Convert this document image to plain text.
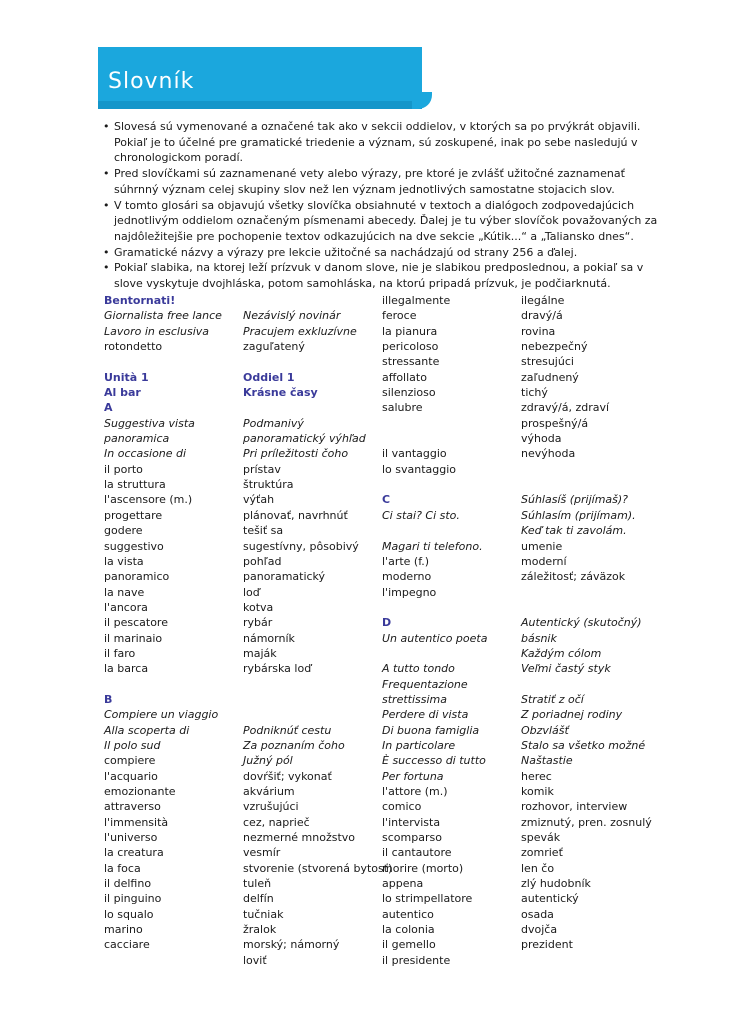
Slovník
• Slovesá sú vymenované a označené tak ako v sekcii oddielov, v ktorých sa po prvýkrát objavili. Pokiaľ je to účelné pre gramatické triedenie a význam, sú zoskupené, inak po sebe nasledujú v chronologickom poradí.
• Pred slovíčkami sú zaznamenané vety alebo výrazy, pre ktoré je zvlášť užitočné zaznamenať súhrnný význam celej skupiny slov než len význam jednotlivých samostatne stojacich slov.
• V tomto glosári sa objavujú všetky slovíčka obsiahnuté v textoch a dialógoch zodpovedajúcich jednotlivým oddielom označeným písmenami abecedy. Ďalej je tu výber slovíčok považovaných za najdôležitejšie pre pochopenie textov odkazujúcich na dve sekcie „Kútik...“ a „Taliansko dnes“.
• Gramatické názvy a výrazy pre lekcie užitočné sa nachádzajú od strany 256 a ďalej.
• Pokiaľ slabika, na ktorej leží prízvuk v danom slove, nie je slabikou predposlednou, a pokiaľ sa v slove vyskytuje dvojhláska, potom samohláska, na ktorú pripadá prízvuk, je podčiarknutá.
Bentornati!
Giornalista free lance
Lavoro in esclusiva
rotondetto
Unità 1
Al bar
A
Suggestiva vista
panoramica
In occasione di
il porto
la struttura
l'ascensore (m.)
progettare
godere
suggestivo
la vista
panoramico
la nave
l'ancora
il pescatore
il marinaio
il faro
la barca
B
Compiere un viaggio
Alla scoperta di
Il polo sud
compiere
l'acquario
emozionante
attraverso
l'immensità
l'universo
la creatura
la foca
il delfino
il pinguino
lo squalo
marino
cacciare
Nezávislý novinár
Pracujem exkluzívne
zaguľatený
Oddiel 1
Krásne časy
Podmanivý
panoramatický výhľad
Pri príležitosti čoho
prístav
štruktúra
výťah
plánovať, navrhnúť
tešiť sa
sugestívny, pôsobivý
pohľad
panoramatický
loď
kotva
rybár
námorník
maják
rybárska loď
Podniknúť cestu
Za poznaním čoho
Južný pól
dovŕšiť; vykonať
akvárium
vzrušujúci
cez, naprieč
nezmerné množstvo
vesmír
stvorenie (stvorená bytosť)
tuleň
delfín
tučniak
žralok
morský; námorný
loviť
illegalmente
feroce
la pianura
pericoloso
stressante
affollato
silenzioso
salubre
il vantaggio
lo svantaggio
C
Ci stai? Ci sto.
Magari ti telefono.
l'arte (f.)
moderno
l'impegno
D
Un autentico poeta
A tutto tondo
Frequentazione
strettissima
Perdere di vista
Di buona famiglia
In particolare
È successo di tutto
Per fortuna
l'attore (m.)
comico
l'intervista
scomparso
il cantautore
morire (morto)
appena
lo strimpellatore
autentico
la colonia
il gemello
il presidente
ilegálne
dravý/á
rovina
nebezpečný
stresujúci
zaľudnený
tichý
zdravý/á, zdraví
prospešný/á
výhoda
nevýhoda
Súhlasíš (prijímaš)?
Súhlasím (prijímam).
Keď tak ti zavolám.
umenie
moderní
záležitosť; záväzok
Autentický (skutočný)
básnik
Každým cólom
Veľmi častý styk
Stratiť z očí
Z poriadnej rodiny
Obzvlášť
Stalo sa všetko možné
Naštastie
herec
komik
rozhovor, interview
zmiznutý, pren. zosnulý
spevák
zomrieť
len čo
zlý hudobník
autentický
osada
dvojča
prezident
